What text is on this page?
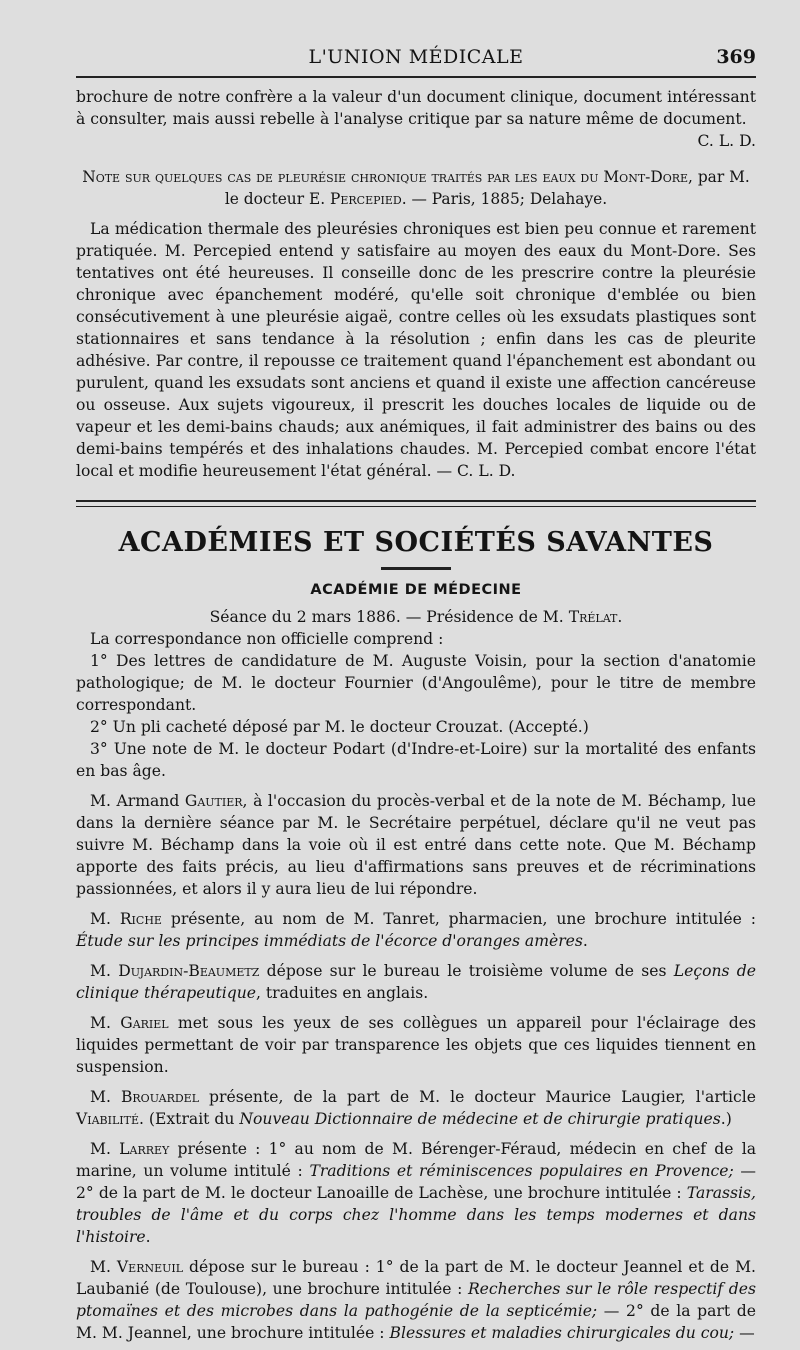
L'UNION MÉDICALE	369

brochure de notre confrère a la valeur d'un document clinique, document intéressant à consulter, mais aussi rebelle à l'analyse critique par sa nature même de document.

C. L. D.

Note sur quelques cas de pleurésie chronique traités par les eaux du Mont-Dore, par M. le docteur E. Percepied. — Paris, 1885; Delahaye.

La médication thermale des pleurésies chroniques est bien peu connue et rarement pratiquée. M. Percepied entend y satisfaire au moyen des eaux du Mont-Dore. Ses tentatives ont été heureuses. Il conseille donc de les prescrire contre la pleurésie chronique avec épanchement modéré, qu'elle soit chronique d'emblée ou bien consécutivement à une pleurésie aigaë, contre celles où les exsudats plastiques sont stationnaires et sans tendance à la résolution ; enfin dans les cas de pleurite adhésive. Par contre, il repousse ce traitement quand l'épanchement est abondant ou purulent, quand les exsudats sont anciens et quand il existe une affection cancéreuse ou osseuse. Aux sujets vigoureux, il prescrit les douches locales de liquide ou de vapeur et les demi-bains chauds; aux anémiques, il fait administrer des bains ou des demi-bains tempérés et des inhalations chaudes. M. Percepied combat encore l'état local et modifie heureusement l'état général. — C. L. D.

ACADÉMIES ET SOCIÉTÉS SAVANTES
ACADÉMIE DE MÉDECINE
Séance du 2 mars 1886. — Présidence de M. Trélat.

La correspondance non officielle comprend :

1° Des lettres de candidature de M. Auguste Voisin, pour la section d'anatomie pathologique; de M. le docteur Fournier (d'Angoulême), pour le titre de membre correspondant.

2° Un pli cacheté déposé par M. le docteur Crouzat. (Accepté.)

3° Une note de M. le docteur Podart (d'Indre-et-Loire) sur la mortalité des enfants en bas âge.

M. Armand Gautier, à l'occasion du procès-verbal et de la note de M. Béchamp, lue dans la dernière séance par M. le Secrétaire perpétuel, déclare qu'il ne veut pas suivre M. Béchamp dans la voie où il est entré dans cette note. Que M. Béchamp apporte des faits précis, au lieu d'affirmations sans preuves et de récriminations passionnées, et alors il y aura lieu de lui répondre.

M. Riche présente, au nom de M. Tanret, pharmacien, une brochure intitulée : Étude sur les principes immédiats de l'écorce d'oranges amères.

M. Dujardin-Beaumetz dépose sur le bureau le troisième volume de ses Leçons de clinique thérapeutique, traduites en anglais.

M. Gariel met sous les yeux de ses collègues un appareil pour l'éclairage des liquides permettant de voir par transparence les objets que ces liquides tiennent en suspension.

M. Brouardel présente, de la part de M. le docteur Maurice Laugier, l'article Viabilité. (Extrait du Nouveau Dictionnaire de médecine et de chirurgie pratiques.)

M. Larrey présente : 1° au nom de M. Bérenger-Féraud, médecin en chef de la marine, un volume intitulé : Traditions et réminiscences populaires en Provence; — 2° de la part de M. le docteur Lanoaille de Lachèse, une brochure intitulée : Tarassis, troubles de l'âme et du corps chez l'homme dans les temps modernes et dans l'histoire.

M. Verneuil dépose sur le bureau : 1° de la part de M. le docteur Jeannel et de M. Laubanié (de Toulouse), une brochure intitulée : Recherches sur le rôle respectif des ptomaïnes et des microbes dans la pathogénie de la septicémie; — 2° de la part de M. M. Jeannel, une brochure intitulée : Blessures et maladies chirurgicales du cou; —
